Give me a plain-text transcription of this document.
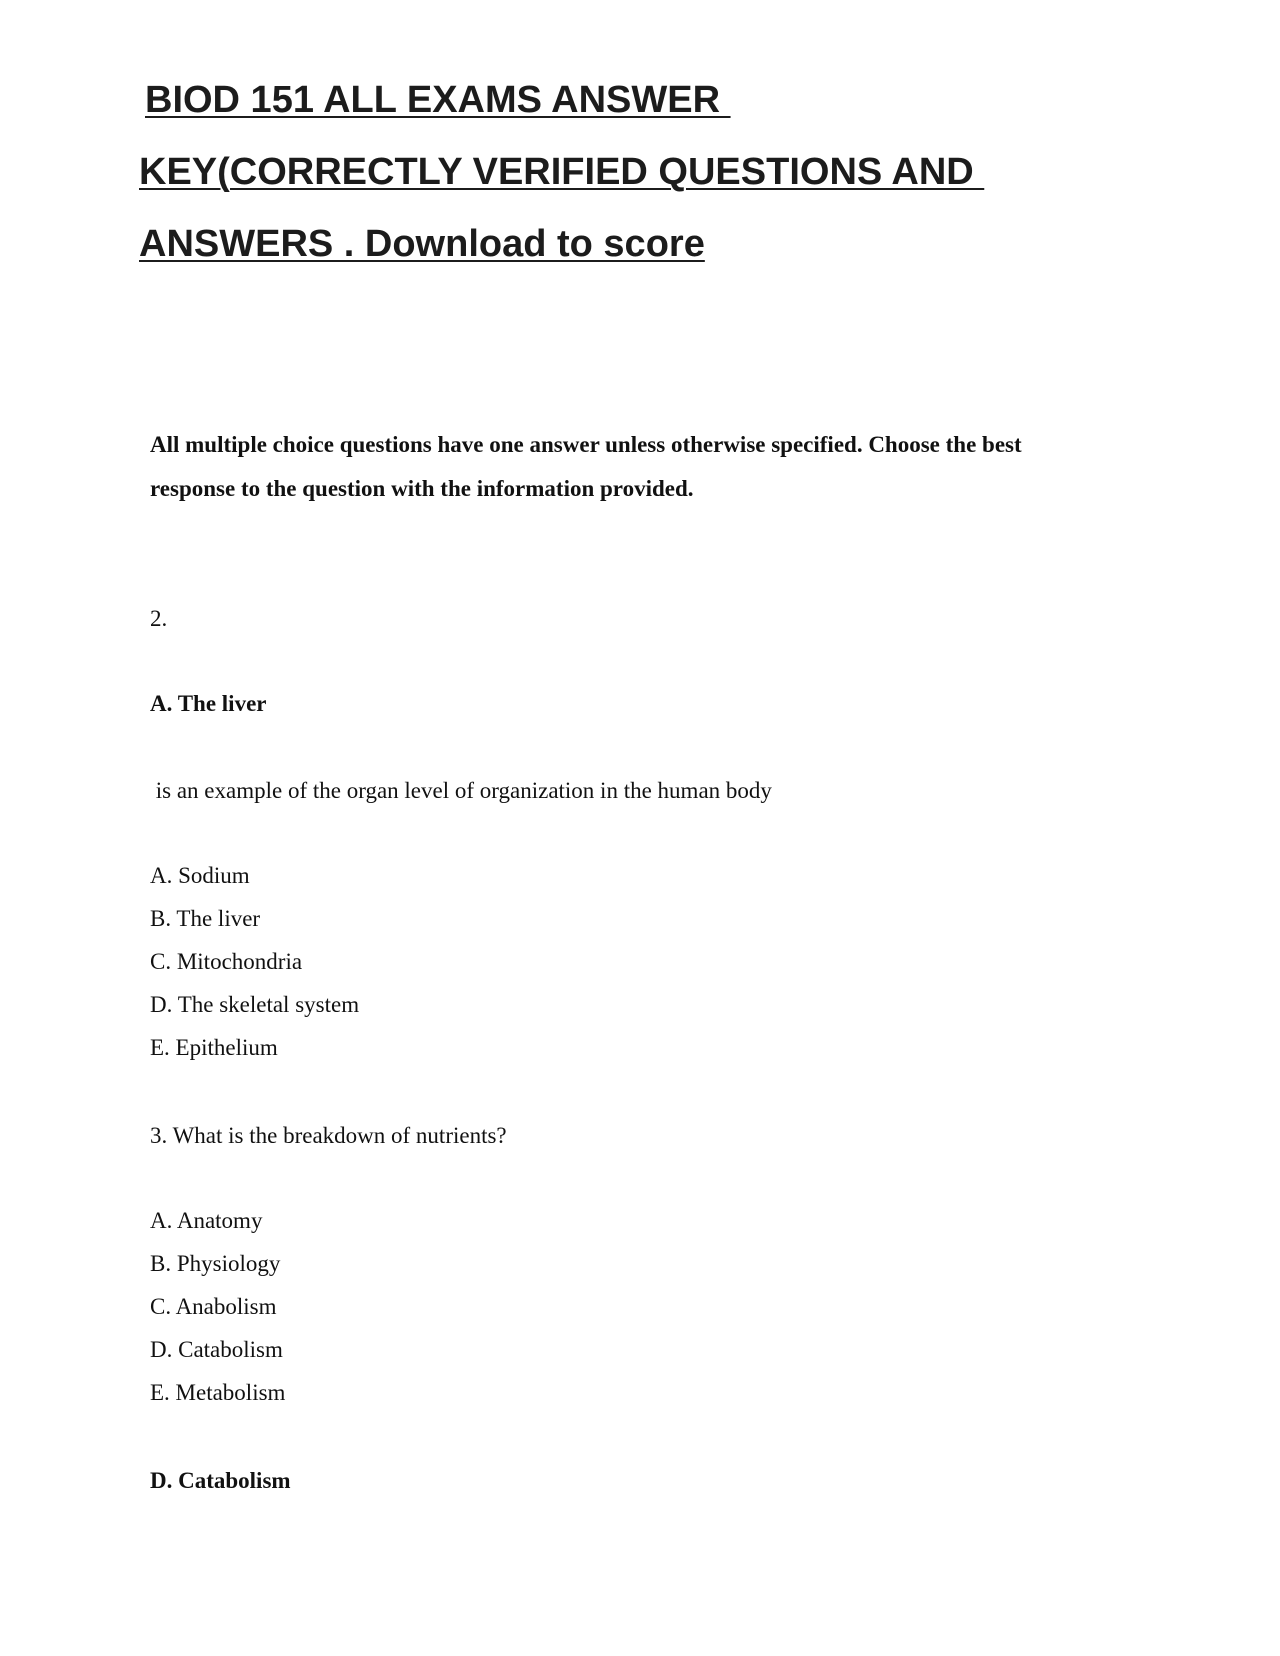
BIOD 151 ALL EXAMS ANSWER
KEY(CORRECTLY VERIFIED QUESTIONS AND
ANSWERS . Download to score
All multiple choice questions have one answer unless otherwise specified. Choose the best
response to the question with the information provided.
2.
A. The liver
is an example of the organ level of organization in the human body
A. Sodium
B. The liver
C. Mitochondria
D. The skeletal system
E. Epithelium
3. What is the breakdown of nutrients?
A. Anatomy
B. Physiology
C. Anabolism
D. Catabolism
E. Metabolism
D. Catabolism
